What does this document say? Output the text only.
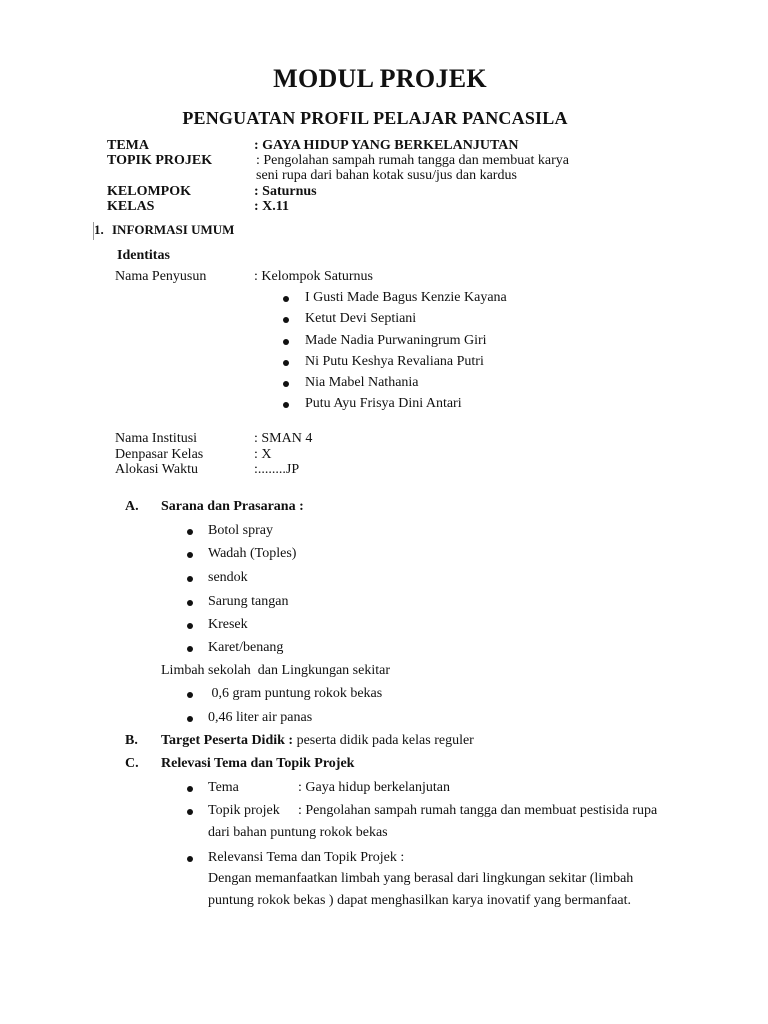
MODUL PROJEK
PENGUATAN PROFIL PELAJAR PANCASILA
TEMA	: GAYA HIDUP YANG BERKELANJUTAN
TOPIK PROJEK	: Pengolahan sampah rumah tangga dan membuat karya
seni rupa dari bahan kotak susu/jus dan kardus
KELOMPOK	: Saturnus
KELAS	: X.11
1. INFORMASI UMUM
Identitas
Nama Penyusun	: Kelompok Saturnus
I Gusti Made Bagus Kenzie Kayana
Ketut Devi Septiani
Made Nadia Purwaningrum Giri
Ni Putu Keshya Revaliana Putri
Nia Mabel Nathania
Putu Ayu Frisya Dini Antari
Nama Institusi	: SMAN 4
Denpasar Kelas	: X
Alokasi Waktu	:........JP
A. Sarana dan Prasarana :
Botol spray
Wadah (Toples)
sendok
Sarung tangan
Kresek
Karet/benang
Limbah sekolah  dan Lingkungan sekitar
0,6 gram puntung rokok bekas
0,46 liter air panas
B. Target Peserta Didik : peserta didik pada kelas reguler
C. Relevasi Tema dan Topik Projek
Tema	: Gaya hidup berkelanjutan
Topik projek : Pengolahan sampah rumah tangga dan membuat pestisida rupa
dari bahan puntung rokok bekas
Relevansi Tema dan Topik Projek :
Dengan memanfaatkan limbah yang berasal dari lingkungan sekitar (limbah
puntung rokok bekas ) dapat menghasilkan karya inovatif yang bermanfaat.
